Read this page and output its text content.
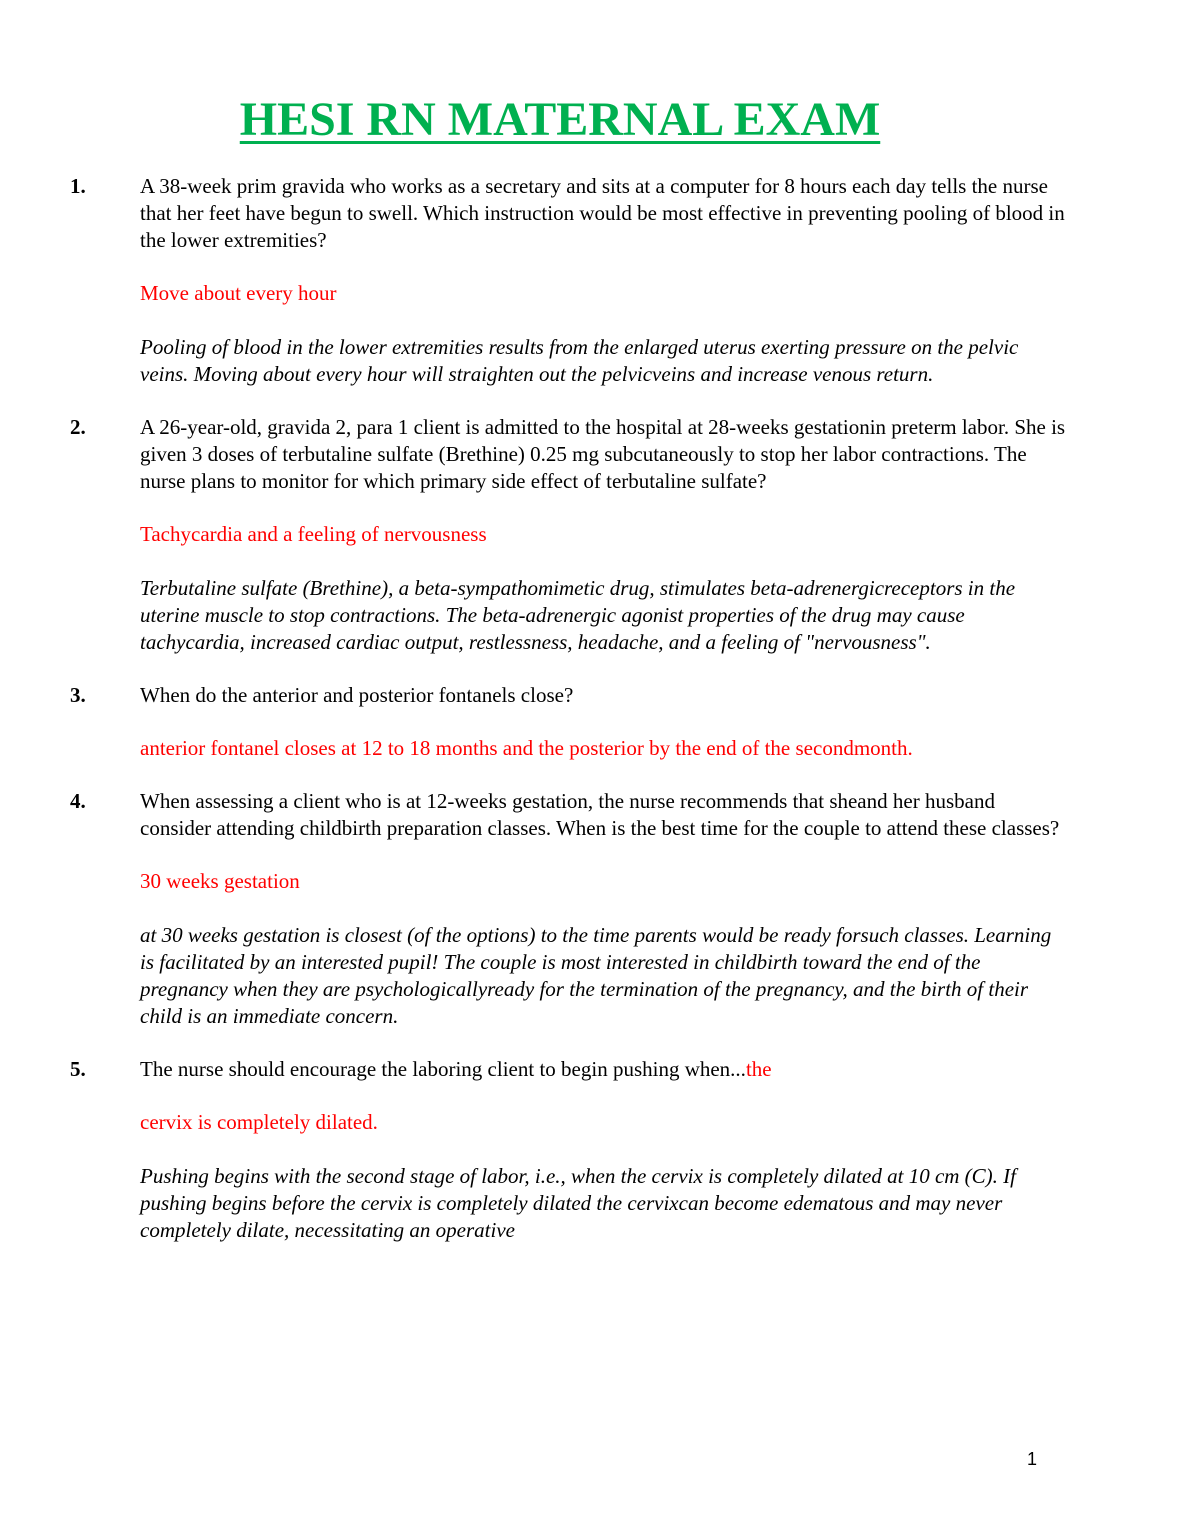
HESI RN MATERNAL EXAM
1.	A 38-week prim gravida who works as a secretary and sits at a computer for 8 hours each day tells the nurse that her feet have begun to swell. Which instruction would be most effective in preventing pooling of blood in the lower extremities?

Move about every hour

Pooling of blood in the lower extremities results from the enlarged uterus exerting pressure on the pelvic veins. Moving about every hour will straighten out the pelvicveins and increase venous return.

2.	A 26-year-old, gravida 2, para 1 client is admitted to the hospital at 28-weeks gestationin preterm labor. She is given 3 doses of terbutaline sulfate (Brethine) 0.25 mg subcutaneously to stop her labor contractions. The nurse plans to monitor for which primary side effect of terbutaline sulfate?

Tachycardia and a feeling of nervousness

Terbutaline sulfate (Brethine), a beta-sympathomimetic drug, stimulates beta-adrenergicreceptors in the uterine muscle to stop contractions. The beta-adrenergic agonist properties of the drug may cause tachycardia, increased cardiac output, restlessness, headache, and a feeling of "nervousness".

3.	When do the anterior and posterior fontanels close?

anterior fontanel closes at 12 to 18 months and the posterior by the end of the secondmonth.

4.	When assessing a client who is at 12-weeks gestation, the nurse recommends that sheand her husband consider attending childbirth preparation classes. When is the best time for the couple to attend these classes?

30 weeks gestation

at 30 weeks gestation is closest (of the options) to the time parents would be ready forsuch classes. Learning is facilitated by an interested pupil! The couple is most interested in childbirth toward the end of the pregnancy when they are psychologicallyready for the termination of the pregnancy, and the birth of their child is an immediate concern.

5.	The nurse should encourage the laboring client to begin pushing when...the

cervix is completely dilated.

Pushing begins with the second stage of labor, i.e., when the cervix is completely dilated at 10 cm (C). If pushing begins before the cervix is completely dilated the cervixcan become edematous and may never completely dilate, necessitating an operative

1
